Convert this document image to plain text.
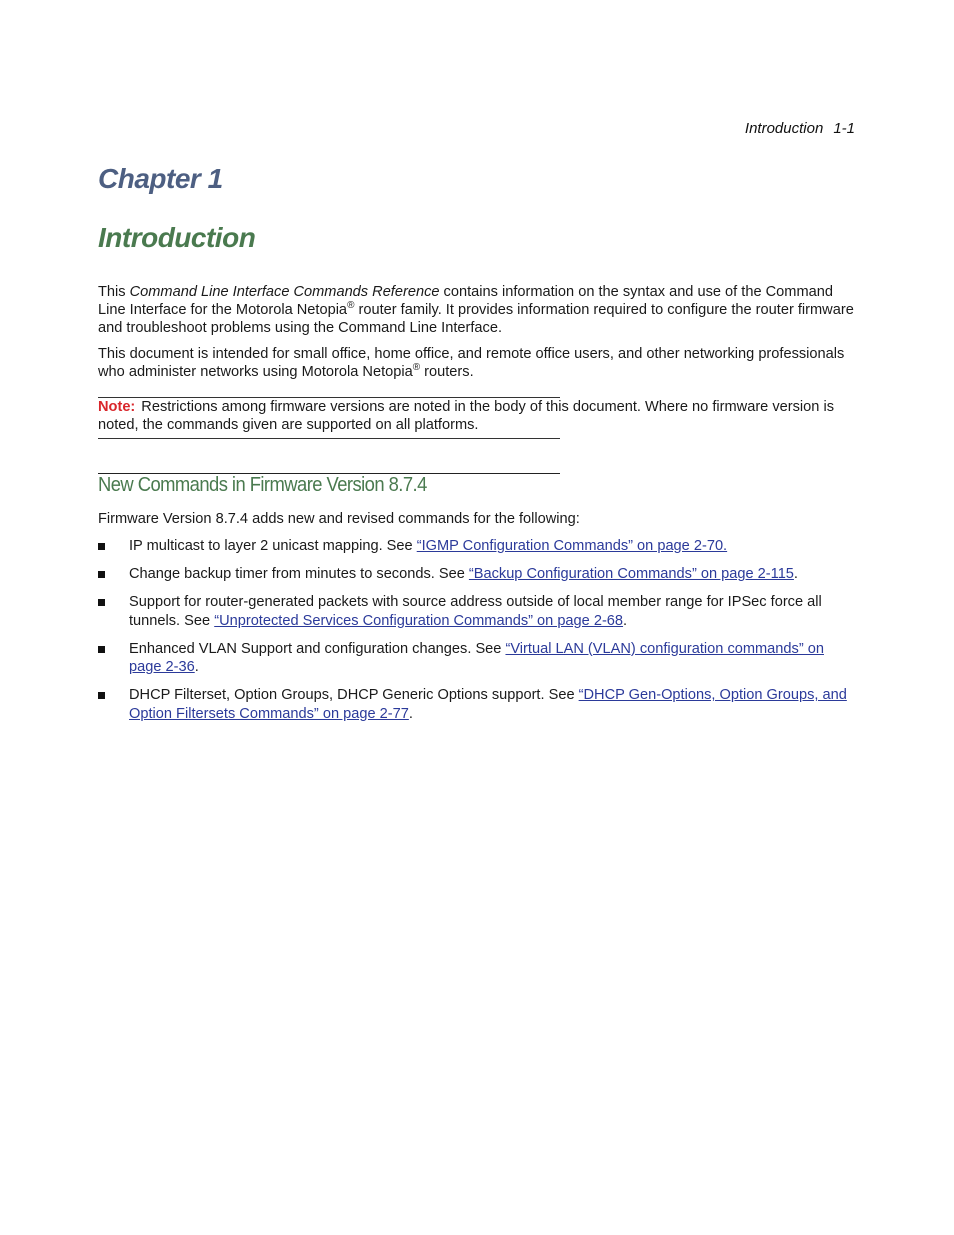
Introduction 1-1
Chapter 1
Introduction
This Command Line Interface Commands Reference contains information on the syntax and use of the Command Line Interface for the Motorola Netopia® router family. It provides information required to configure the router firmware and troubleshoot problems using the Command Line Interface.
This document is intended for small office, home office, and remote office users, and other networking professionals who administer networks using Motorola Netopia® routers.
Note: Restrictions among firmware versions are noted in the body of this document. Where no firmware version is noted, the commands given are supported on all platforms.
New Commands in Firmware Version 8.7.4
Firmware Version 8.7.4 adds new and revised commands for the following:
IP multicast to layer 2 unicast mapping. See “IGMP Configuration Commands” on page 2-70.
Change backup timer from minutes to seconds. See “Backup Configuration Commands” on page 2-115.
Support for router-generated packets with source address outside of local member range for IPSec force all tunnels. See “Unprotected Services Configuration Commands” on page 2-68.
Enhanced VLAN Support and configuration changes. See “Virtual LAN (VLAN) configuration commands” on page 2-36.
DHCP Filterset, Option Groups, DHCP Generic Options support. See “DHCP Gen-Options, Option Groups, and Option Filtersets Commands” on page 2-77.
